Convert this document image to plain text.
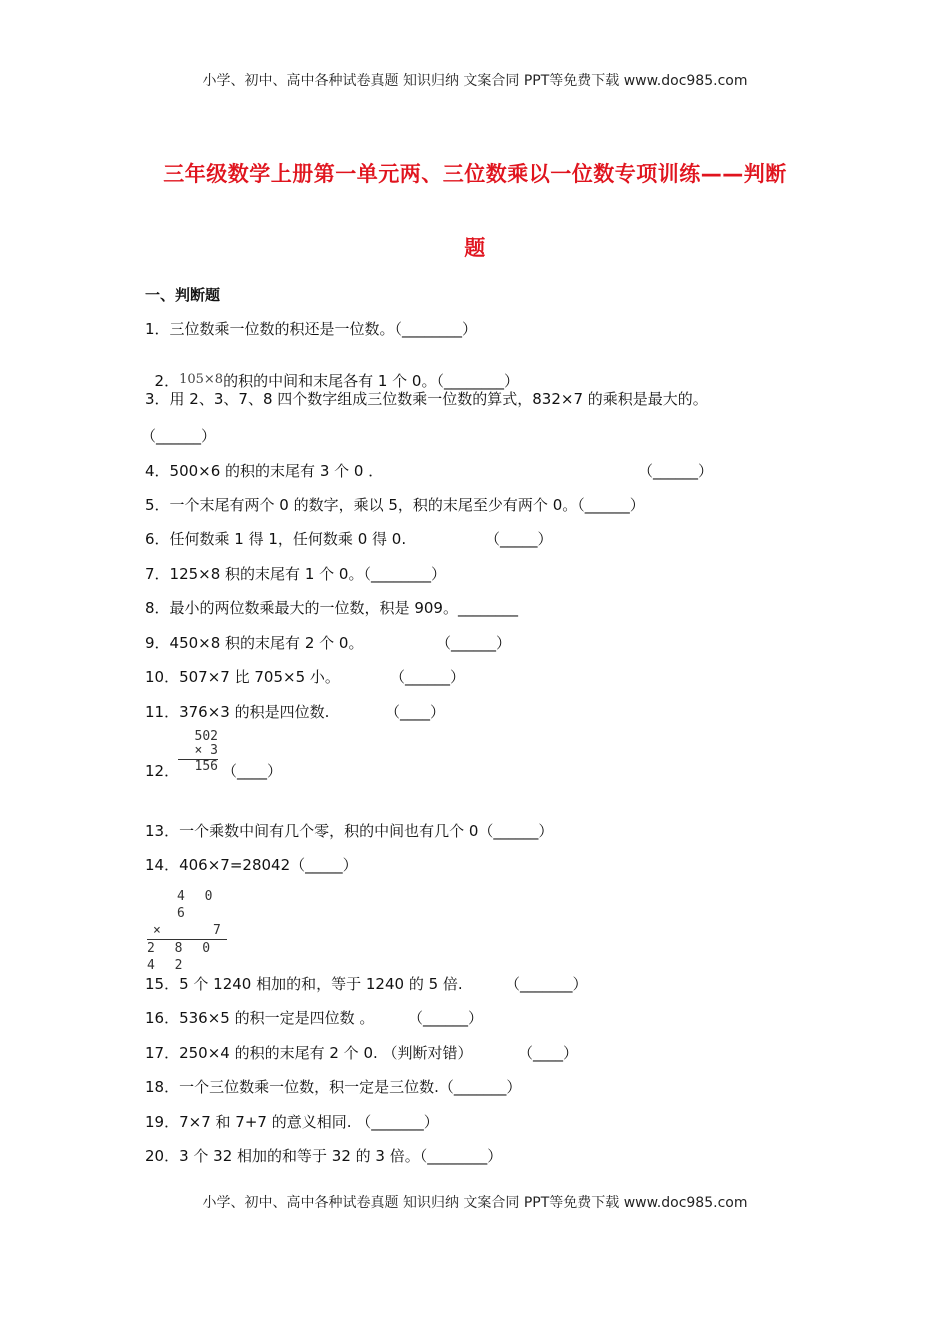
小学、初中、高中各种试卷真题 知识归纳 文案合同 PPT等免费下载 www.doc985.com
三年级数学上册第一单元两、三位数乘以一位数专项训练——判断
题
一、判断题
1．三位数乘一位数的积还是一位数。（________）

2．105×8的积的中间和末尾各有 1 个 0。（________）

3．用 2、3、7、8 四个数字组成三位数乘一位数的算式，832×7 的乘积是最大的。
（______）
4．500×6 的积的末尾有 3 个 0 ．	（______）
5．一个末尾有两个 0 的数字，乘以 5，积的末尾至少有两个 0。（______）
6．任何数乘 1 得 1，任何数乘 0 得 0.	（_____）
7．125×8 积的末尾有 1 个 0。（________）
8．最小的两位数乘最大的一位数，积是 909。________
9．450×8 积的末尾有 2 个 0。	（______）
10．507×7 比 705×5 小。	（______）
11．376×3 的积是四位数.	（____）
502
× 3
156
12．	（____）
13．一个乘数中间有几个零，积的中间也有几个 0（______）
14．406×7=28042（_____）
4 0 6
×	7
2 8 0 4 2
15．5 个 1240 相加的和，等于 1240 的 5 倍.	（_______）
16．536×5 的积一定是四位数 。 （______）
17．250×4 的积的末尾有 2 个 0. （判断对错）	（____）
18．一个三位数乘一位数，积一定是三位数.（_______）
19．7×7 和 7+7 的意义相同. （_______）
20．3 个 32 相加的和等于 32 的 3 倍。（________）
小学、初中、高中各种试卷真题 知识归纳 文案合同 PPT等免费下载 www.doc985.com
